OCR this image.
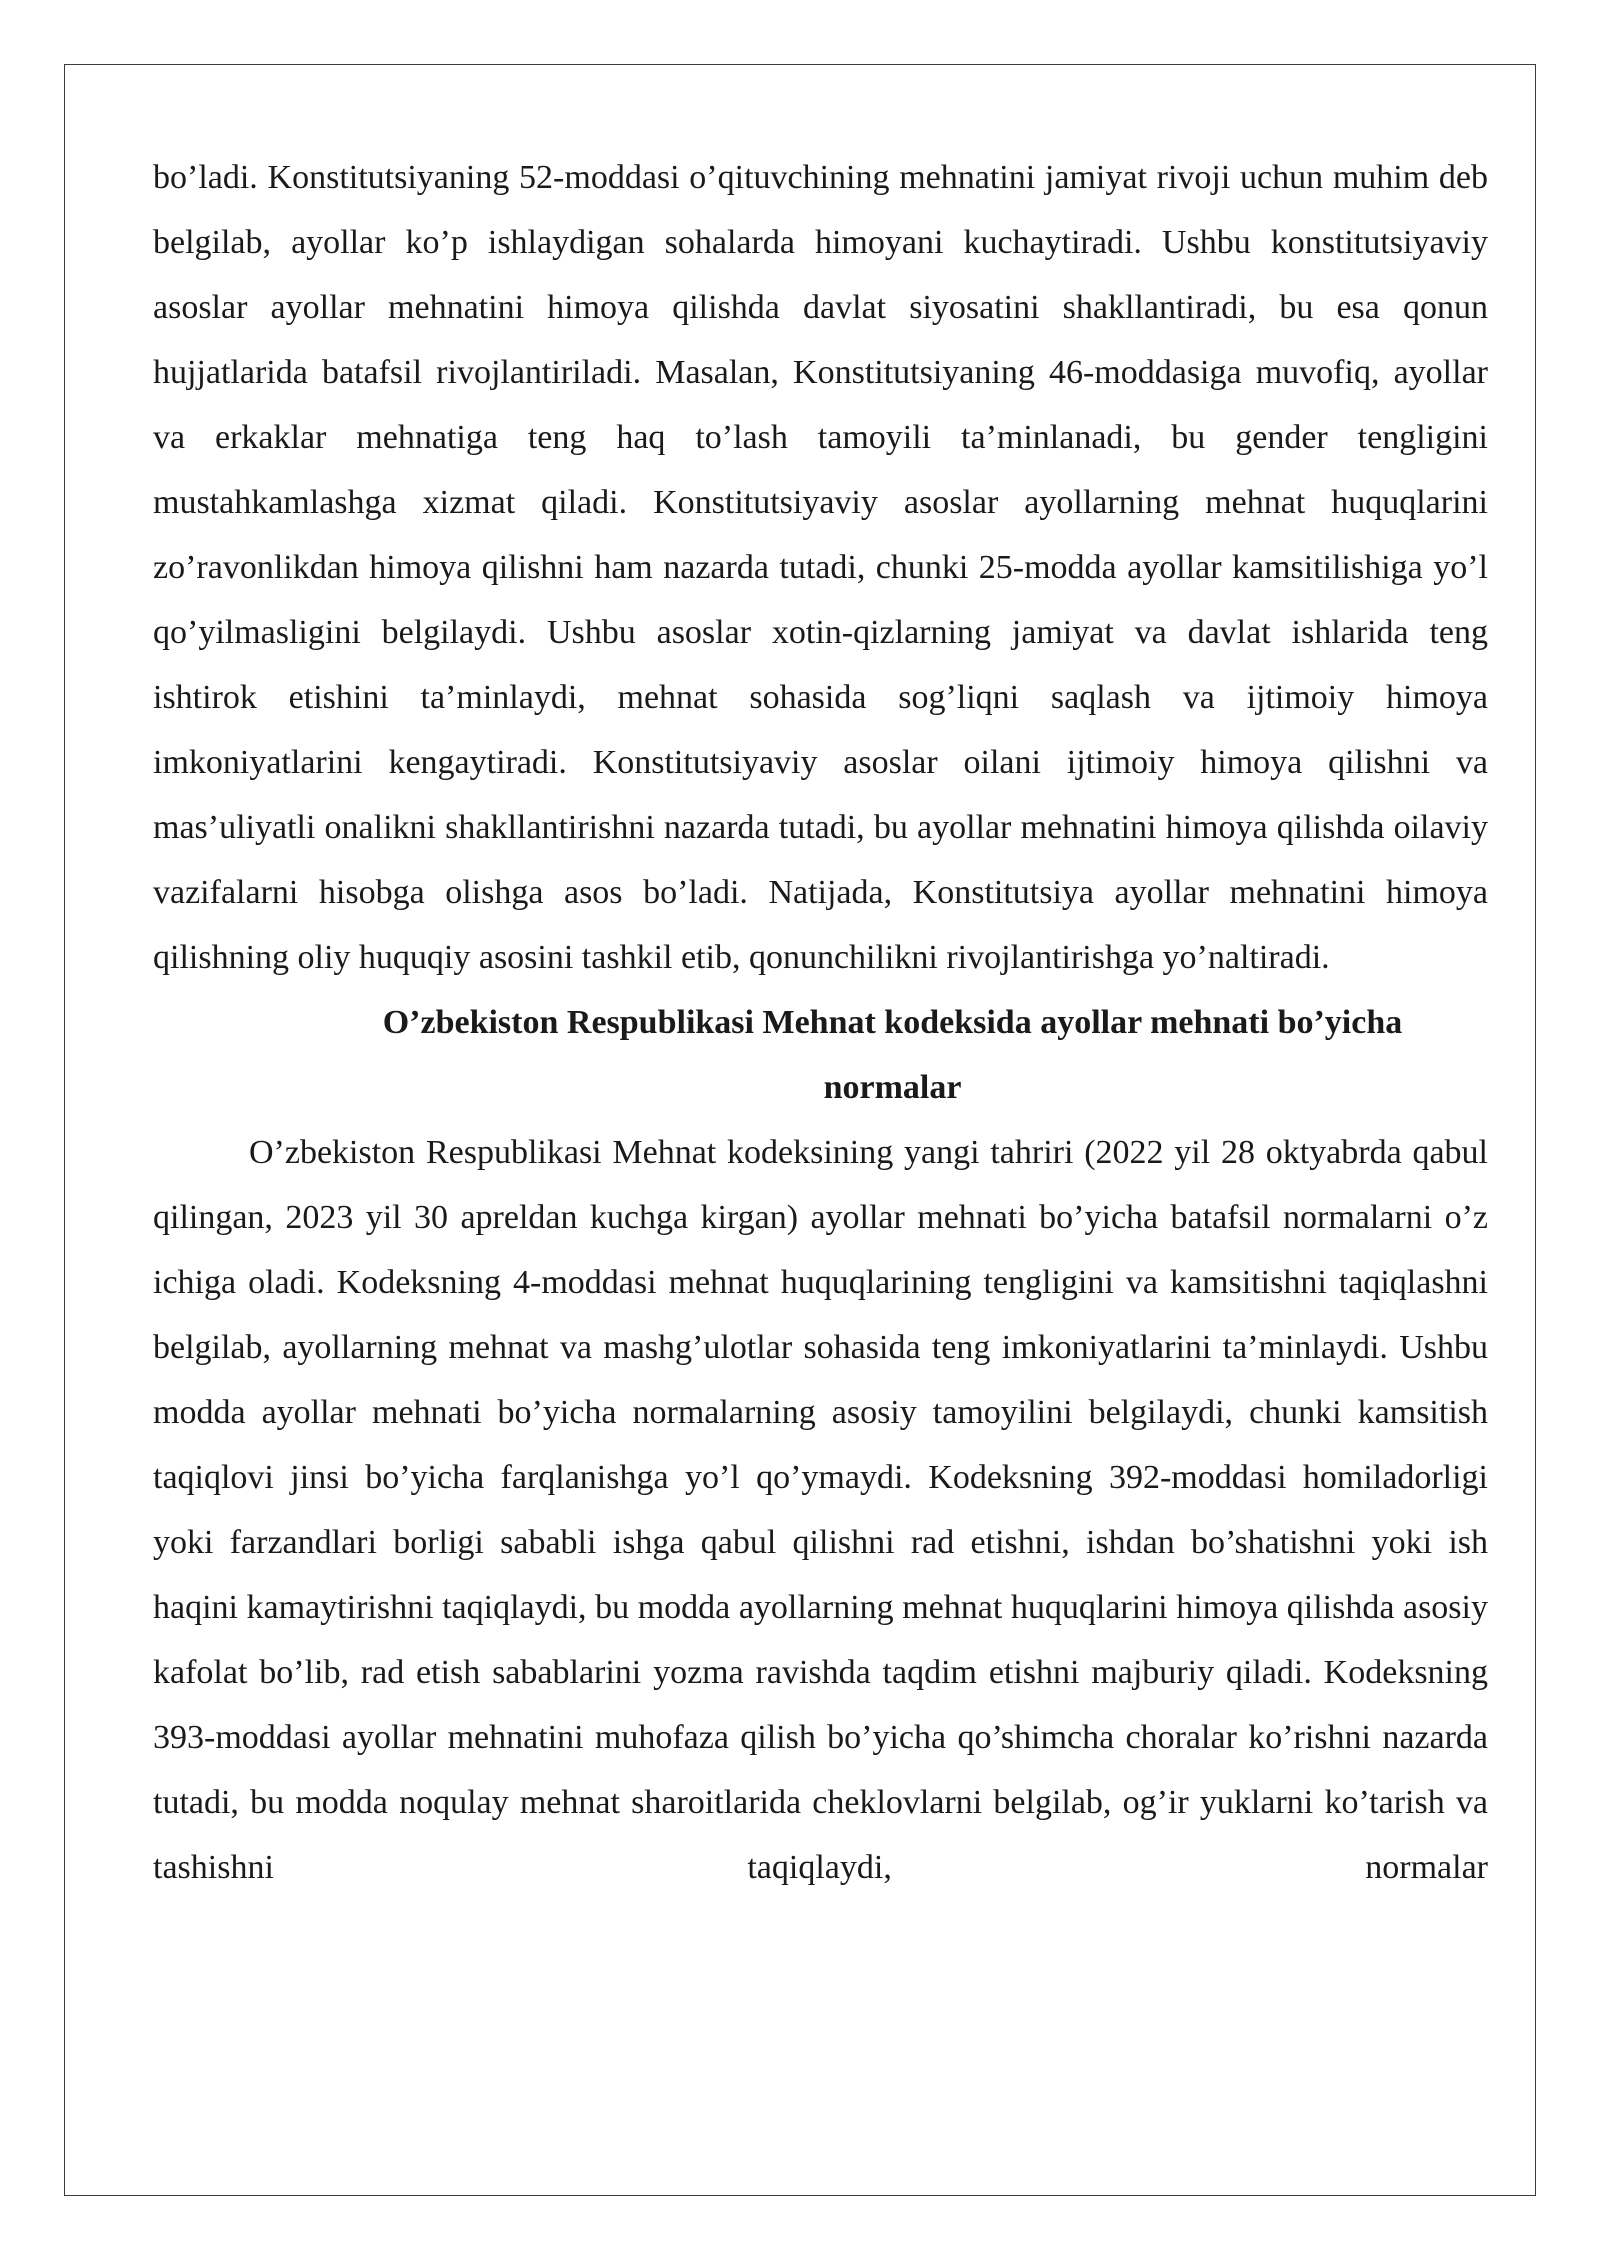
bo’ladi. Konstitutsiyaning 52-moddasi o’qituvchining mehnatini jamiyat rivoji uchun muhim deb belgilab, ayollar ko’p ishlaydigan sohalarda himoyani kuchaytiradi. Ushbu konstitutsiyaviy asoslar ayollar mehnatini himoya qilishda davlat siyosatini shakllantiradi, bu esa qonun hujjatlarida batafsil rivojlantiriladi. Masalan, Konstitutsiyaning 46-moddasiga muvofiq, ayollar va erkaklar mehnatiga teng haq to’lash tamoyili ta’minlanadi, bu gender tengligini mustahkamlashga xizmat qiladi. Konstitutsiyaviy asoslar ayollarning mehnat huquqlarini zo’ravonlikdan himoya qilishni ham nazarda tutadi, chunki 25-modda ayollar kamsitilishiga yo’l qo’yilmasligini belgilaydi. Ushbu asoslar xotin-qizlarning jamiyat va davlat ishlarida teng ishtirok etishini ta’minlaydi, mehnat sohasida sog’liqni saqlash va ijtimoiy himoya imkoniyatlarini kengaytiradi. Konstitutsiyaviy asoslar oilani ijtimoiy himoya qilishni va mas’uliyatli onalikni shakllantirishni nazarda tutadi, bu ayollar mehnatini himoya qilishda oilaviy vazifalarni hisobga olishga asos bo’ladi. Natijada, Konstitutsiya ayollar mehnatini himoya qilishning oliy huquqiy asosini tashkil etib, qonunchilikni rivojlantirishga yo’naltiradi.

O’zbekiston Respublikasi Mehnat kodeksida ayollar mehnati bo’yicha
normalar

O’zbekiston Respublikasi Mehnat kodeksining yangi tahriri (2022 yil 28 oktyabrda qabul qilingan, 2023 yil 30 apreldan kuchga kirgan) ayollar mehnati bo’yicha batafsil normalarni o’z ichiga oladi. Kodeksning 4-moddasi mehnat huquqlarining tengligini va kamsitishni taqiqlashni belgilab, ayollarning mehnat va mashg’ulotlar sohasida teng imkoniyatlarini ta’minlaydi. Ushbu modda ayollar mehnati bo’yicha normalarning asosiy tamoyilini belgilaydi, chunki kamsitish taqiqlovi jinsi bo’yicha farqlanishga yo’l qo’ymaydi. Kodeksning 392-moddasi homiladorligi yoki farzandlari borligi sababli ishga qabul qilishni rad etishni, ishdan bo’shatishni yoki ish haqini kamaytirishni taqiqlaydi, bu modda ayollarning mehnat huquqlarini himoya qilishda asosiy kafolat bo’lib, rad etish sabablarini yozma ravishda taqdim etishni majburiy qiladi. Kodeksning 393-moddasi ayollar mehnatini muhofaza qilish bo’yicha qo’shimcha choralar ko’rishni nazarda tutadi, bu modda noqulay mehnat sharoitlarida cheklovlarni belgilab, og’ir yuklarni ko’tarish va tashishni taqiqlaydi, normalar
